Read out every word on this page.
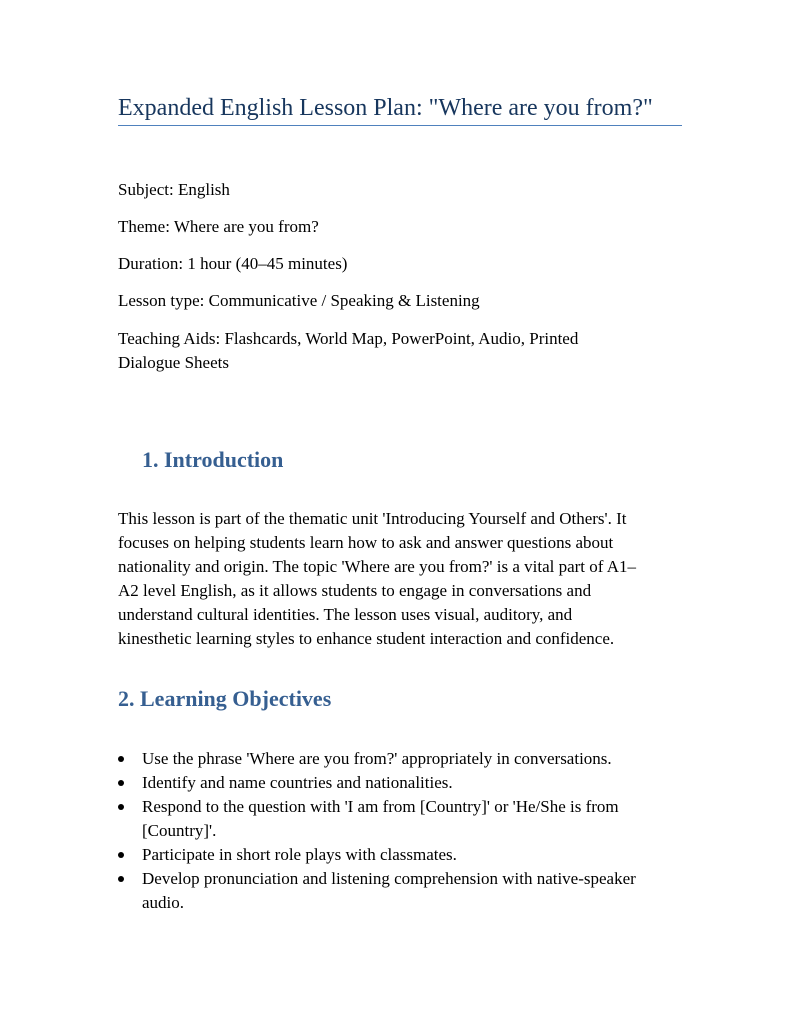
Expanded English Lesson Plan: "Where are you from?"

Subject: English

Theme: Where are you from?

Duration: 1 hour (40–45 minutes)

Lesson type: Communicative / Speaking & Listening

Teaching Aids: Flashcards, World Map, PowerPoint, Audio, Printed
Dialogue Sheets

1. Introduction

This lesson is part of the thematic unit 'Introducing Yourself and Others'. It
focuses on helping students learn how to ask and answer questions about
nationality and origin. The topic 'Where are you from?' is a vital part of A1–
A2 level English, as it allows students to engage in conversations and
understand cultural identities. The lesson uses visual, auditory, and
kinesthetic learning styles to enhance student interaction and confidence.

2. Learning Objectives
Use the phrase 'Where are you from?' appropriately in conversations.
Identify and name countries and nationalities.
Respond to the question with 'I am from [Country]' or 'He/She is from
[Country]'.
Participate in short role plays with classmates.
Develop pronunciation and listening comprehension with native-speaker
audio.
